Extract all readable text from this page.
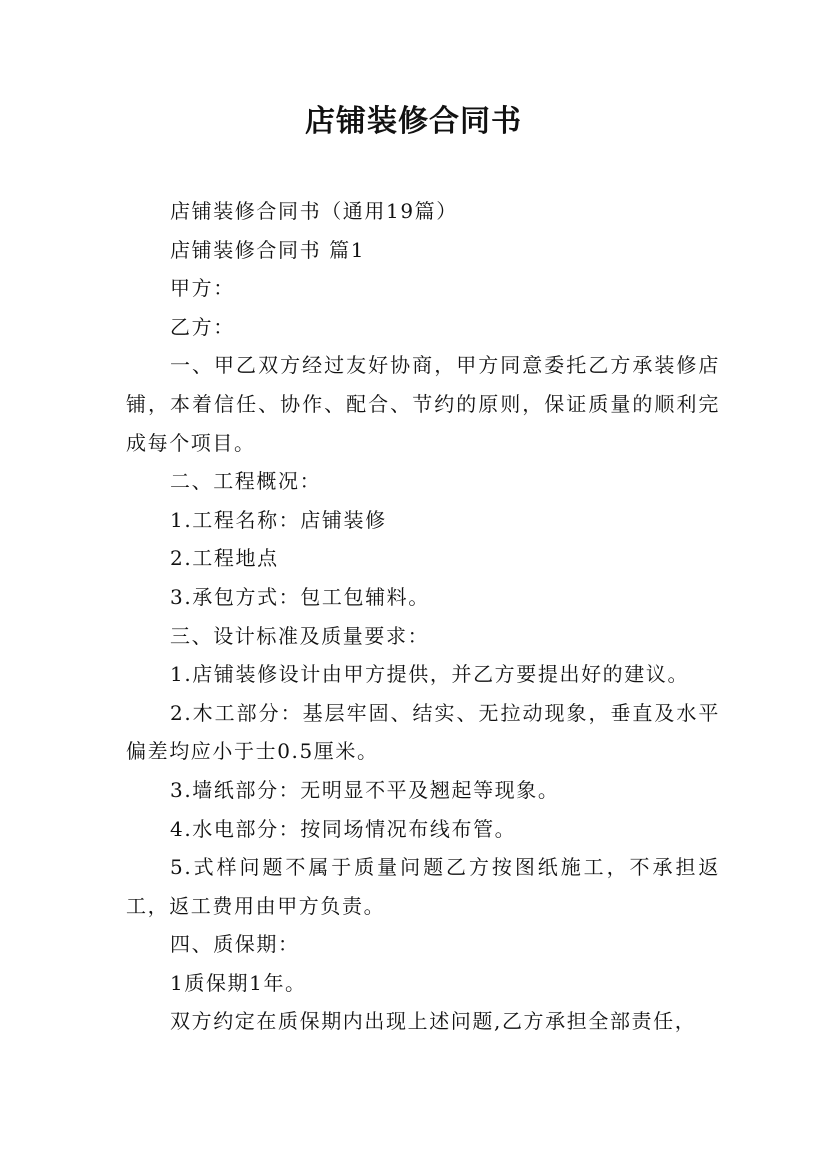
店铺装修合同书

店铺装修合同书（通用19篇）

店铺装修合同书 篇1

甲方：

乙方：

一、甲乙双方经过友好协商，甲方同意委托乙方承装修店铺，本着信任、协作、配合、节约的原则，保证质量的顺利完成每个项目。

二、工程概况：

1.工程名称：店铺装修

2.工程地点

3.承包方式：包工包辅料。

三、设计标准及质量要求：

1.店铺装修设计由甲方提供，并乙方要提出好的建议。

2.木工部分：基层牢固、结实、无拉动现象，垂直及水平偏差均应小于士0.5厘米。

3.墙纸部分：无明显不平及翘起等现象。

4.水电部分：按同场情况布线布管。

5.式样问题不属于质量问题乙方按图纸施工，不承担返工，返工费用由甲方负责。

四、质保期：

1质保期1年。

双方约定在质保期内出现上述问题,乙方承担全部责任，
